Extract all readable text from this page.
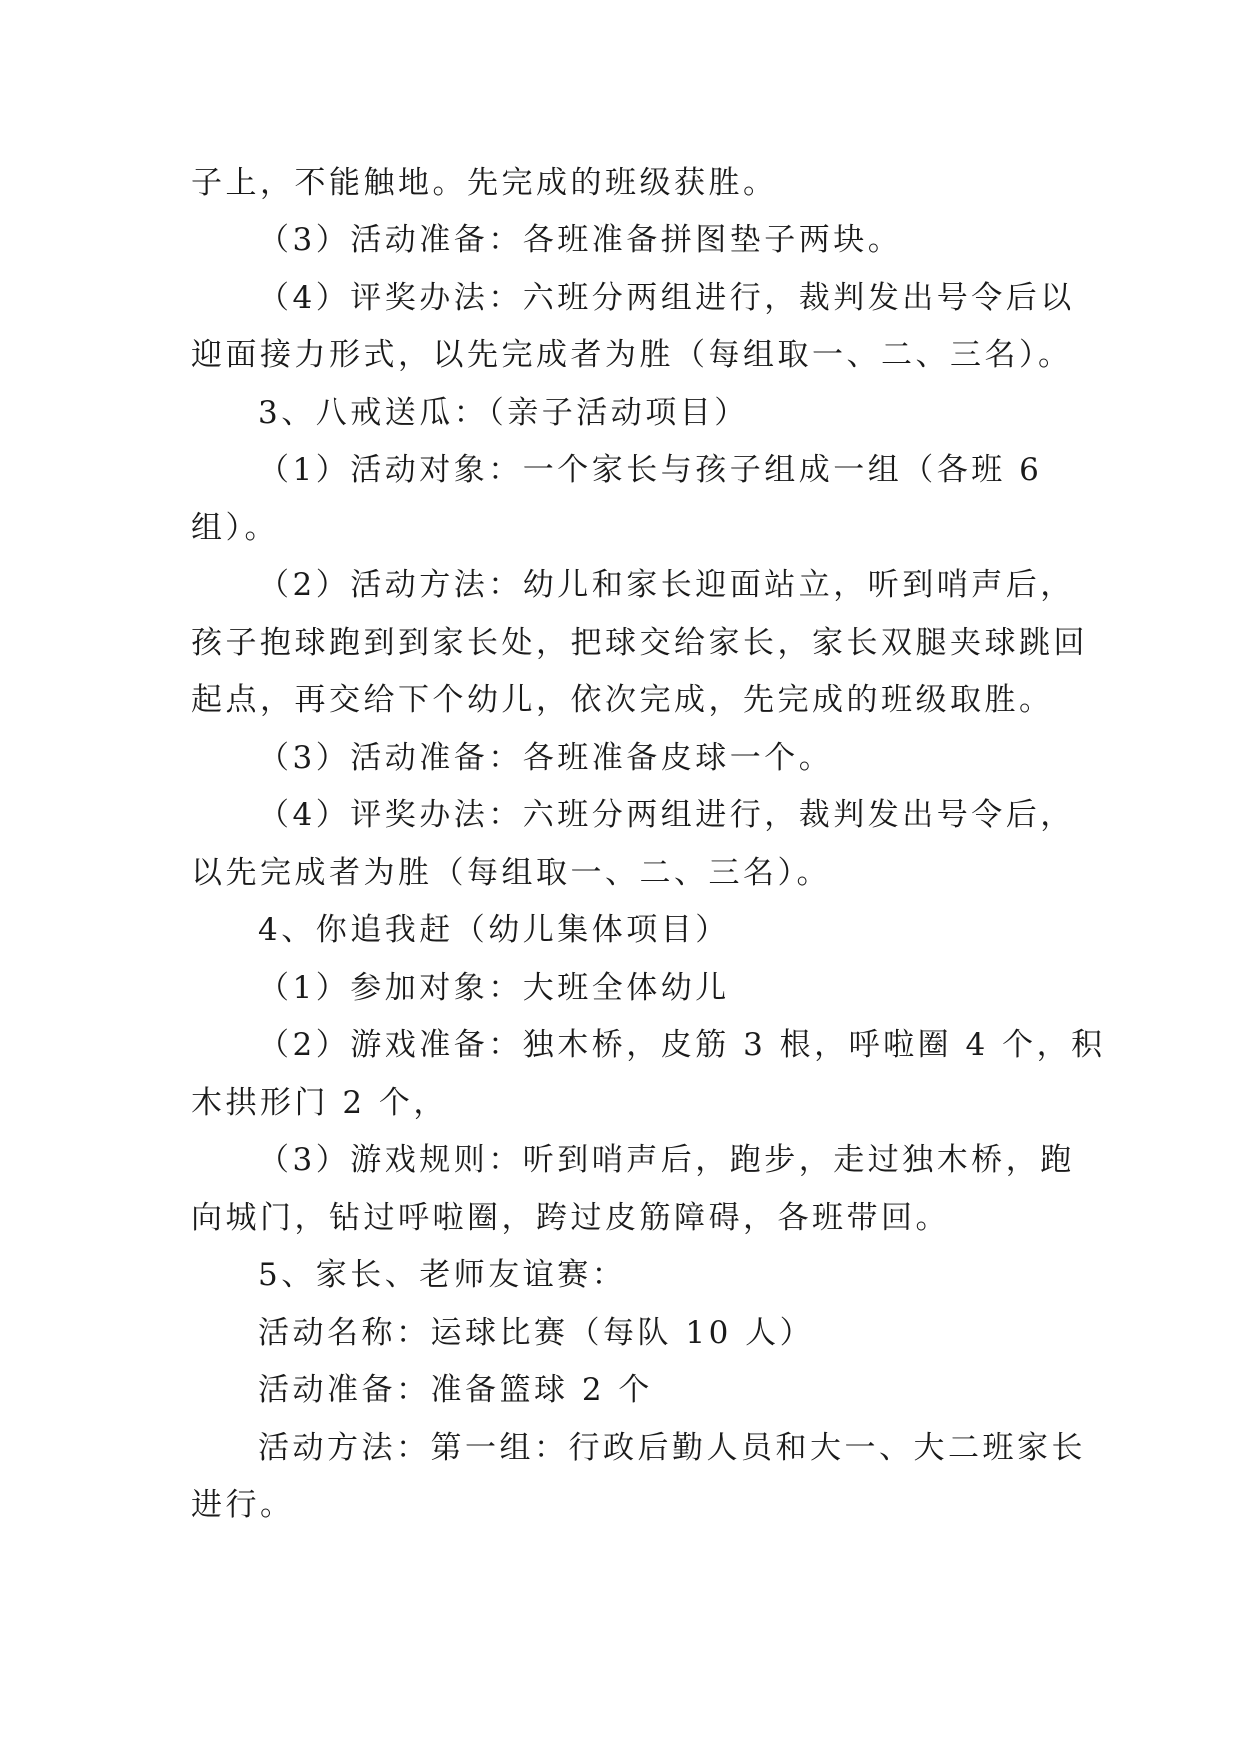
子上，不能触地。先完成的班级获胜。
（3）活动准备：各班准备拼图垫子两块。
（4）评奖办法：六班分两组进行，裁判发出号令后以
迎面接力形式，以先完成者为胜（每组取一、二、三名）。
3、八戒送瓜：（亲子活动项目）
（1）活动对象：一个家长与孩子组成一组（各班 6
组）。
（2）活动方法：幼儿和家长迎面站立，听到哨声后，
孩子抱球跑到到家长处，把球交给家长，家长双腿夹球跳回
起点，再交给下个幼儿，依次完成，先完成的班级取胜。
（3）活动准备：各班准备皮球一个。
（4）评奖办法：六班分两组进行，裁判发出号令后，
以先完成者为胜（每组取一、二、三名）。
4、你追我赶（幼儿集体项目）
（1）参加对象：大班全体幼儿
（2）游戏准备：独木桥，皮筋 3 根，呼啦圈 4 个，积
木拱形门 2 个，
（3）游戏规则：听到哨声后，跑步，走过独木桥，跑
向城门，钻过呼啦圈，跨过皮筋障碍，各班带回。
5、家长、老师友谊赛：
活动名称：运球比赛（每队 10 人）
活动准备：准备篮球 2 个
活动方法：第一组：行政后勤人员和大一、大二班家长
进行。
